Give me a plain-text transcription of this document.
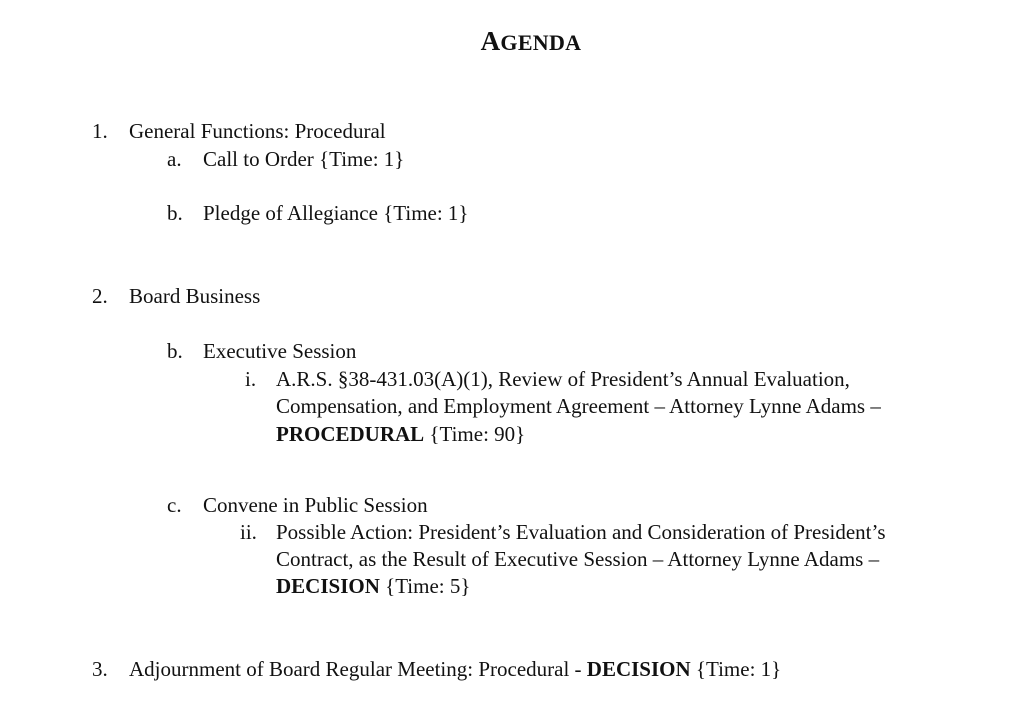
AGENDA
1. General Functions: Procedural
a. Call to Order {Time: 1}
b. Pledge of Allegiance {Time: 1}
2. Board Business
b. Executive Session
i. A.R.S. §38-431.03(A)(1), Review of President’s Annual Evaluation,
Compensation, and Employment Agreement – Attorney Lynne Adams –
PROCEDURAL {Time: 90}
c. Convene in Public Session
ii. Possible Action: President’s Evaluation and Consideration of President’s
Contract, as the Result of Executive Session – Attorney Lynne Adams –
DECISION {Time: 5}
3. Adjournment of Board Regular Meeting: Procedural - DECISION {Time: 1}
